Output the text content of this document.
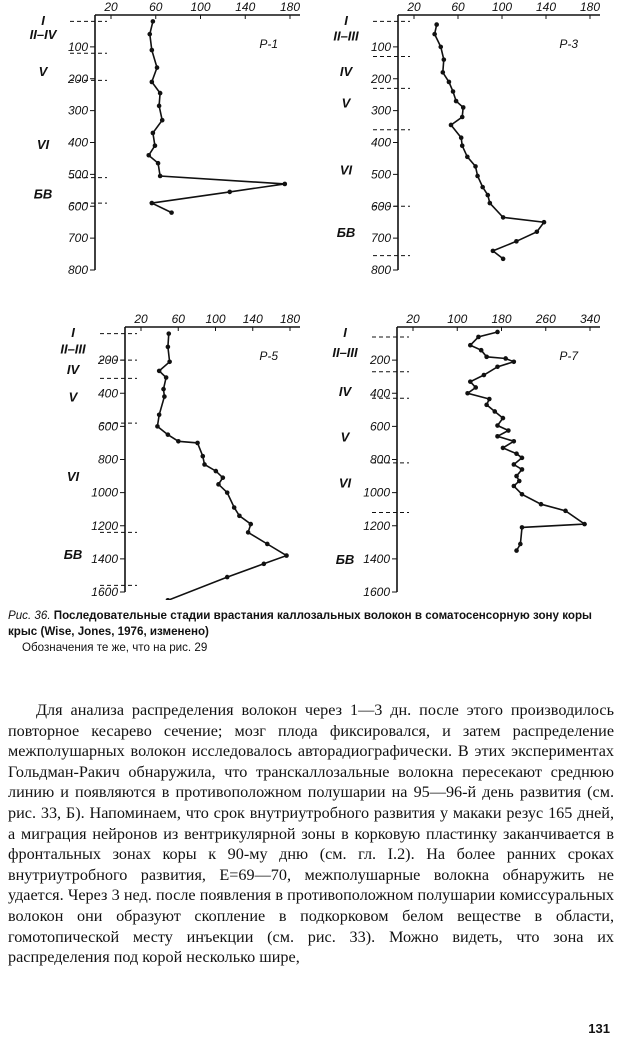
20	60 100 140 180
100
200
300
400
500
600
700
800
I
II–IV
V
VI
БВ
P-1
20	60 100 140 180
100
200
300
400
500
600
700
800
I
II–III
IV
V
VI
БВ
P-3
20 60 100 140 180
200
400
600
800
1000
1200
1400
1600
I
II–III
IV
V
VI
БВ
P-5
20 100 180 260 340
200
400
600
800
1000
1200
1400
1600
I
II–III
IV
V
VI
БВ
P-7
Рис. 36. Последовательные стадии врастания каллозальных волокон в соматосенсорную зону коры крыс (Wise, Jones, 1976, изменено)
Обозначения те же, что на рис. 29

Для анализа распределения волокон через 1—3 дн. после этого производилось повторное кесарево сечение; мозг плода фиксировался, и затем распределение межполушарных волокон исследовалось авторадиографически. В этих экспериментах Гольдман-Ракич обнаружила, что транскаллозальные волокна пересекают среднюю линию и появляются в противоположном полушарии на 95—96-й день развития (см. рис. 33, Б). Напоминаем, что срок внутриутробного развития у макаки резус 165 дней, а миграция нейронов из вентрикулярной зоны в корковую пластинку заканчивается в фронтальных зонах коры к 90-му дню (см. гл. I.2). На более ранних сроках внутриутробного развития, E=69—70, межполушарные волокна обнаружить не удается. Через 3 нед. после появления в противоположном полушарии комиссуральных волокон они образуют скопление в подкорковом белом веществе в области, гомотопической месту инъекции (см. рис. 33). Можно видеть, что зона их распределения под корой несколько шире,

131
